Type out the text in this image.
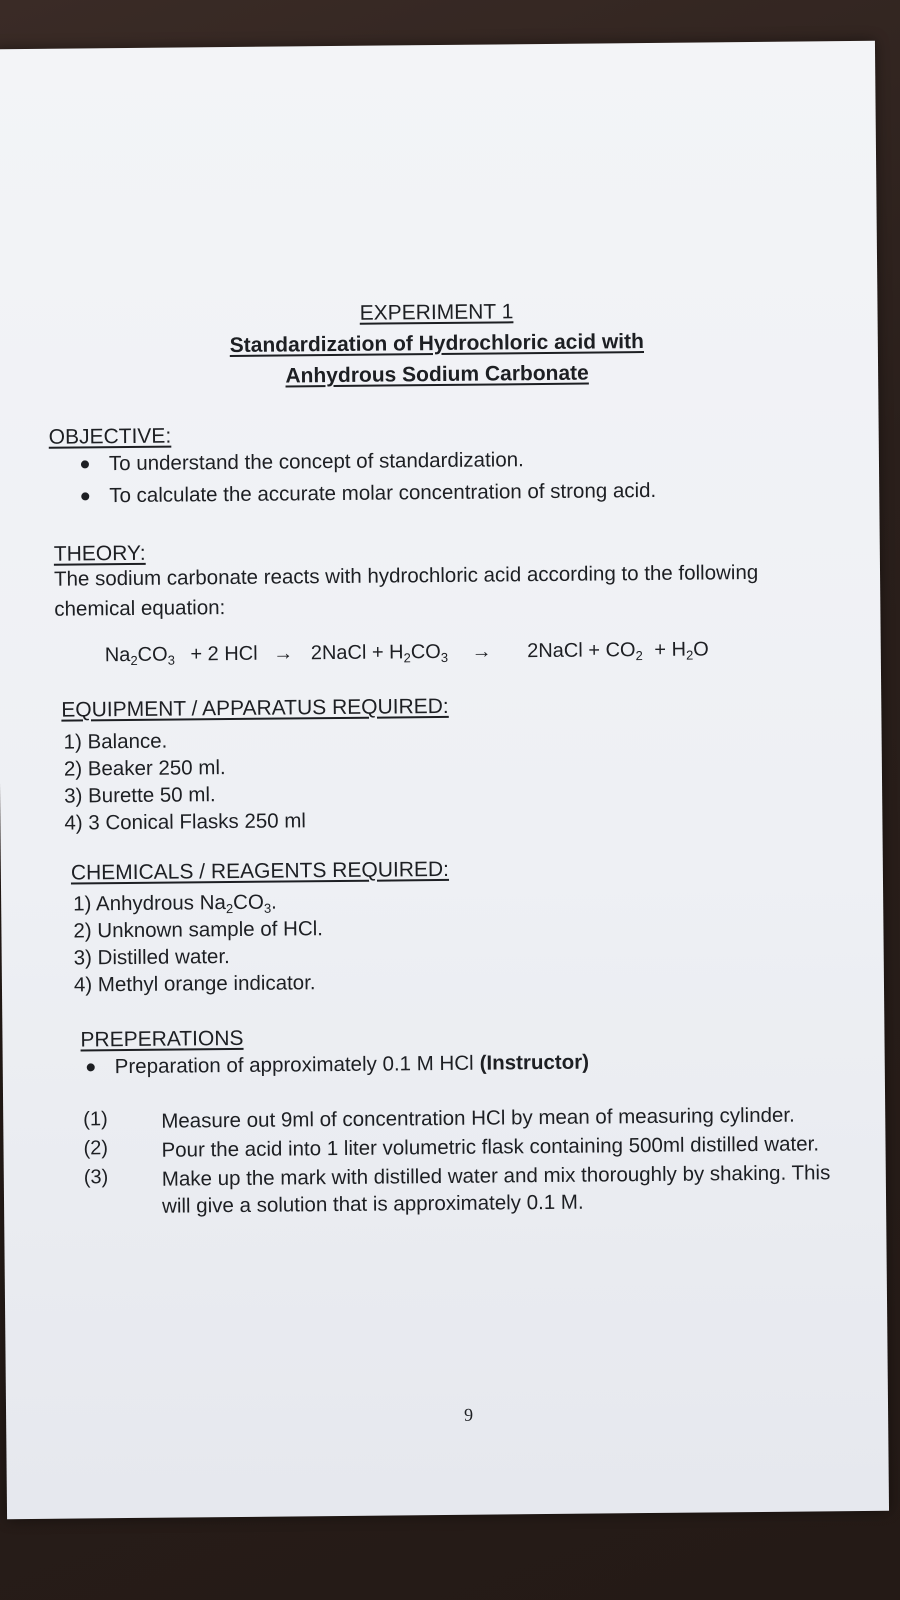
EXPERIMENT 1
Standardization of Hydrochloric acid with
Anhydrous Sodium Carbonate
OBJECTIVE:
To understand the concept of standardization.
To calculate the accurate molar concentration of strong acid.
THEORY:
The sodium carbonate reacts with hydrochloric acid according to the following chemical equation:
$Na_2CO_3 + 2$ HCl → 2NaCl + $H_2CO_3$ → 2NaCl + $CO_2 + H_2O$
EQUIPMENT / APPARATUS REQUIRED:
1) Balance.
2) Beaker 250 ml.
3) Burette 50 ml.
4) 3 Conical Flasks 250 ml
CHEMICALS / REAGENTS REQUIRED:
1) Anhydrous $Na_2CO_3$.
2) Unknown sample of HCl.
3) Distilled water.
4) Methyl orange indicator.
PREPERATIONS
Preparation of approximately 0.1 M HCl (Instructor)
(1)	Measure out 9ml of concentration HCl by mean of measuring cylinder.
(2)	Pour the acid into 1 liter volumetric flask containing 500ml distilled water.
(3)	Make up the mark with distilled water and mix thoroughly by shaking. This will give a solution that is approximately 0.1 M.
9
